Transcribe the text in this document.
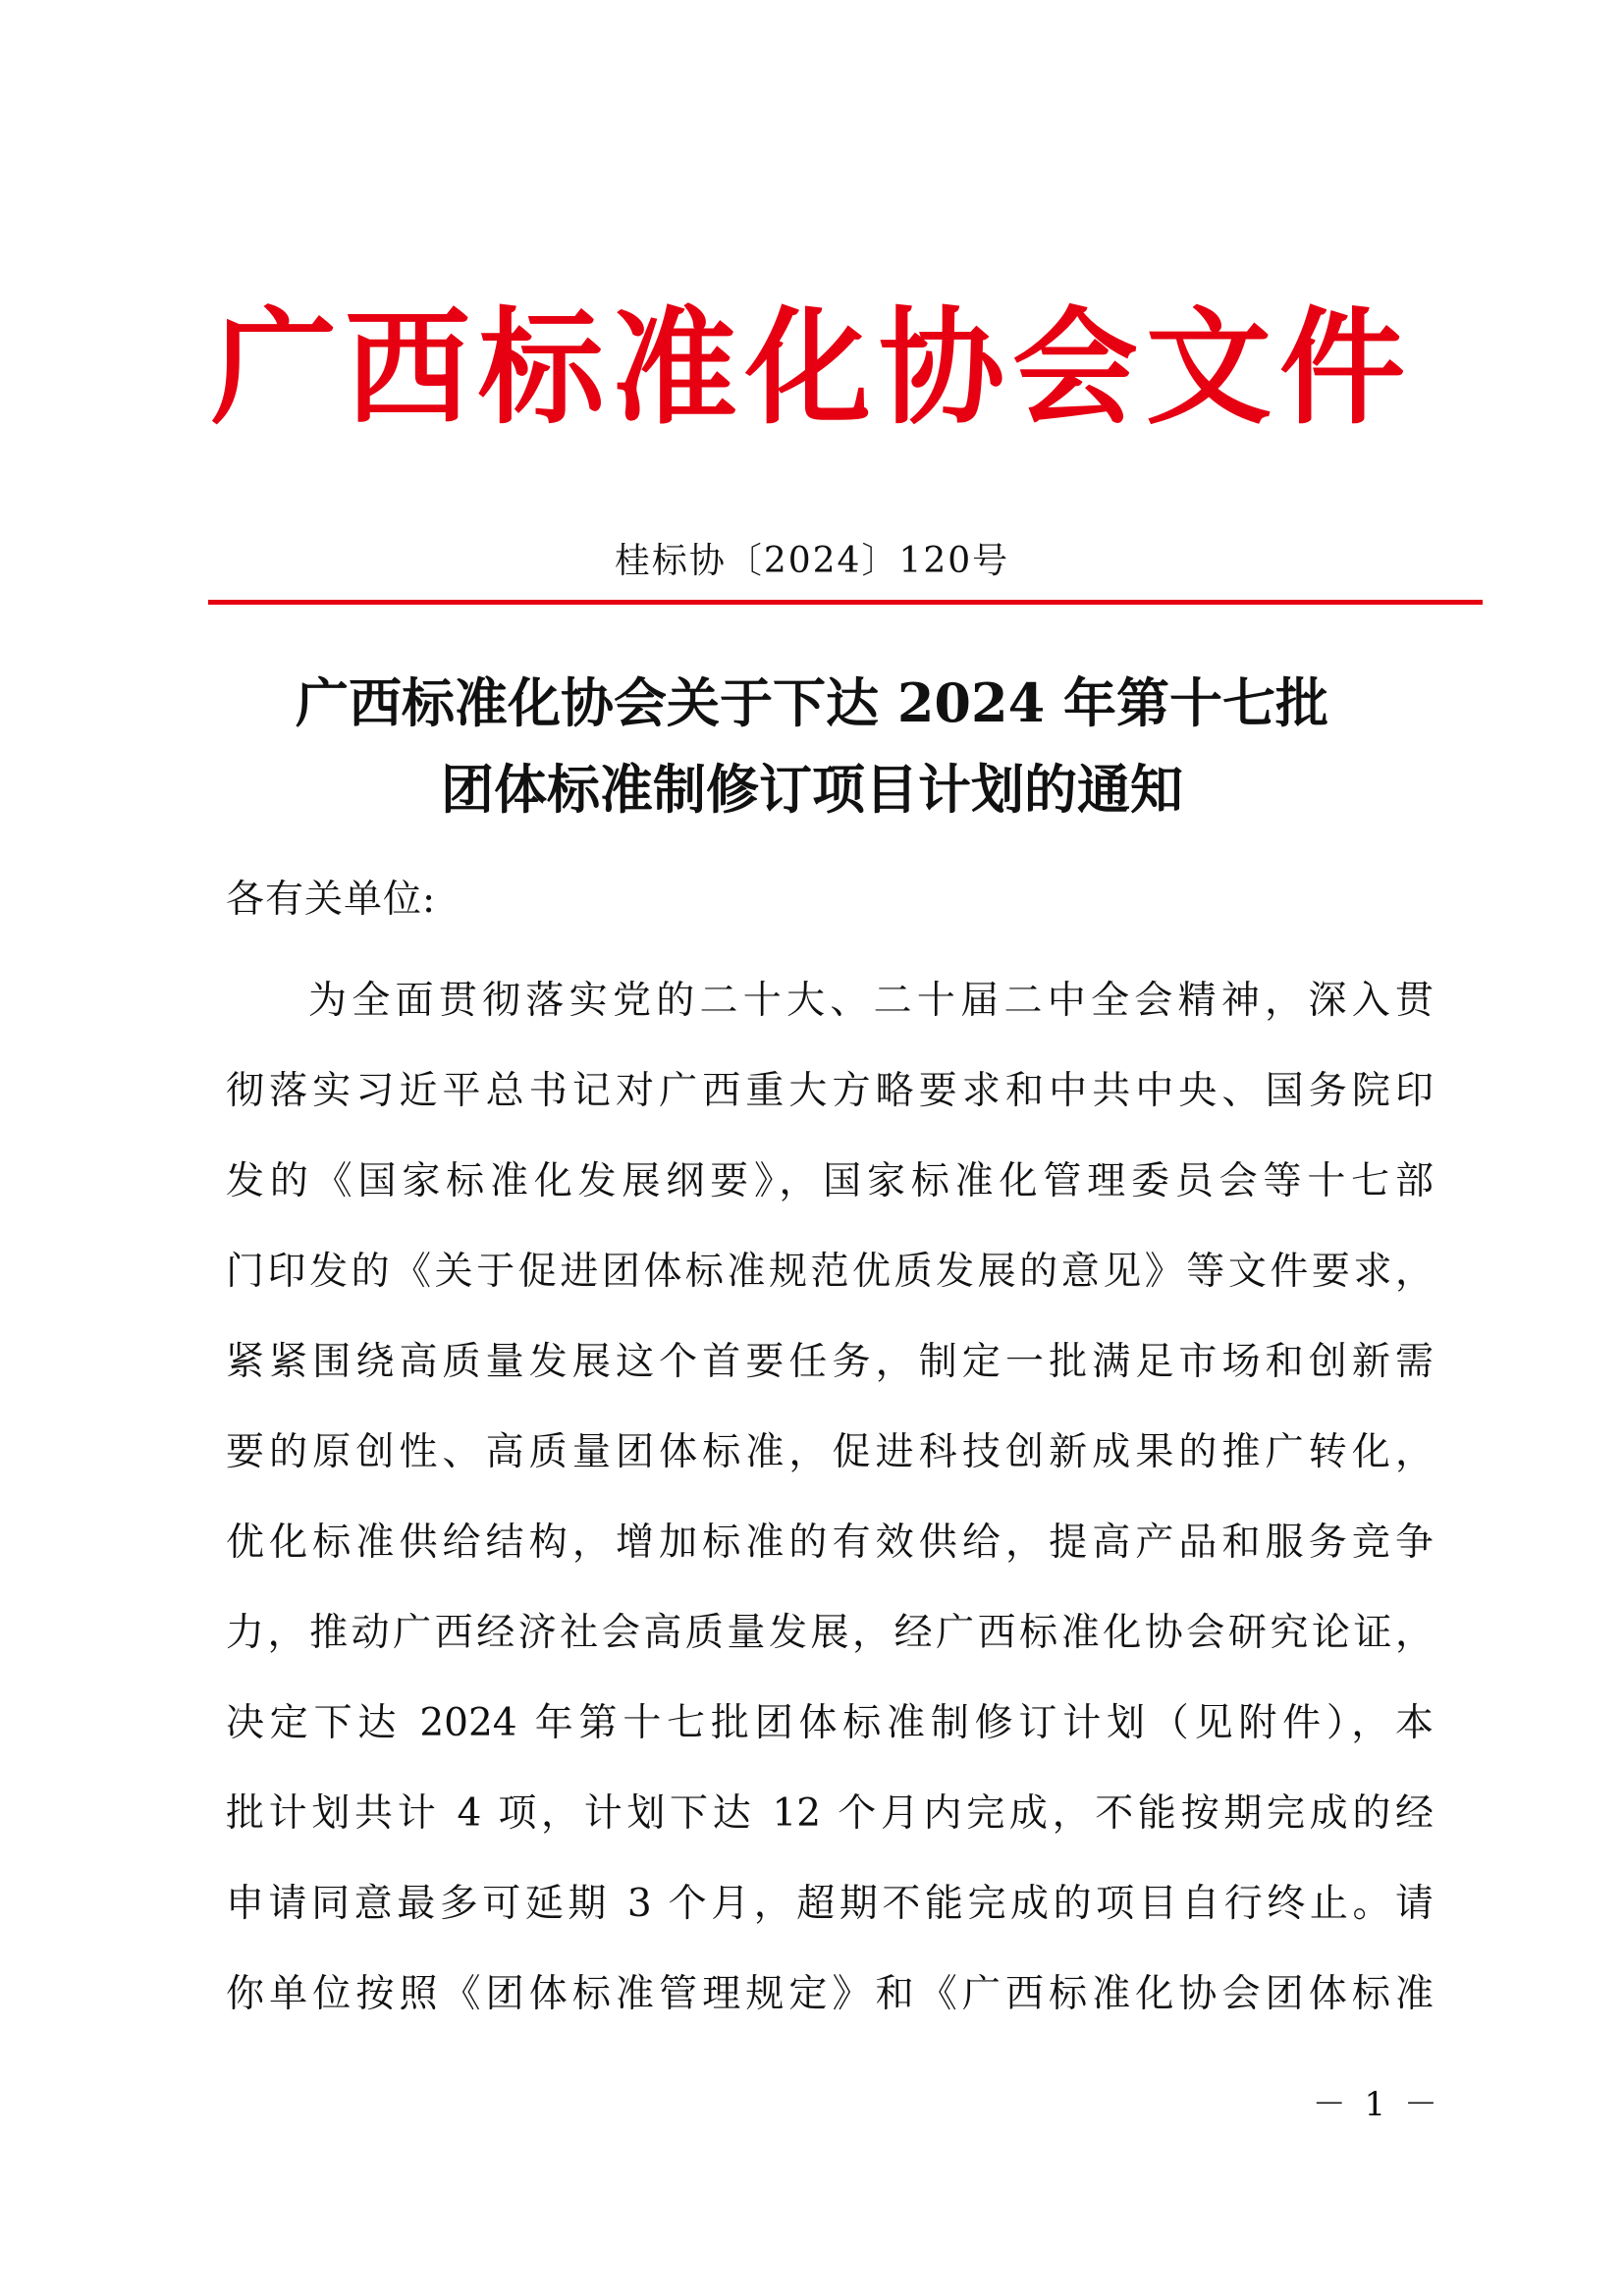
广西标准化协会文件
桂标协〔2024〕120号
广西标准化协会关于下达 2024 年第十七批
团体标准制修订项目计划的通知
各有关单位:
为全面贯彻落实党的二十大、二十届二中全会精神，深入贯
彻落实习近平总书记对广西重大方略要求和中共中央、国务院印
发的《国家标准化发展纲要》，国家标准化管理委员会等十七部
门印发的《关于促进团体标准规范优质发展的意见》等文件要求，
紧紧围绕高质量发展这个首要任务，制定一批满足市场和创新需
要的原创性、高质量团体标准，促进科技创新成果的推广转化，
优化标准供给结构，增加标准的有效供给，提高产品和服务竞争
力，推动广西经济社会高质量发展，经广西标准化协会研究论证，
决定下达 2024 年第十七批团体标准制修订计划（见附件），本
批计划共计 4 项，计划下达 12 个月内完成，不能按期完成的经
申请同意最多可延期 3 个月，超期不能完成的项目自行终止。请
你单位按照《团体标准管理规定》和《广西标准化协会团体标准
－ 1 －
